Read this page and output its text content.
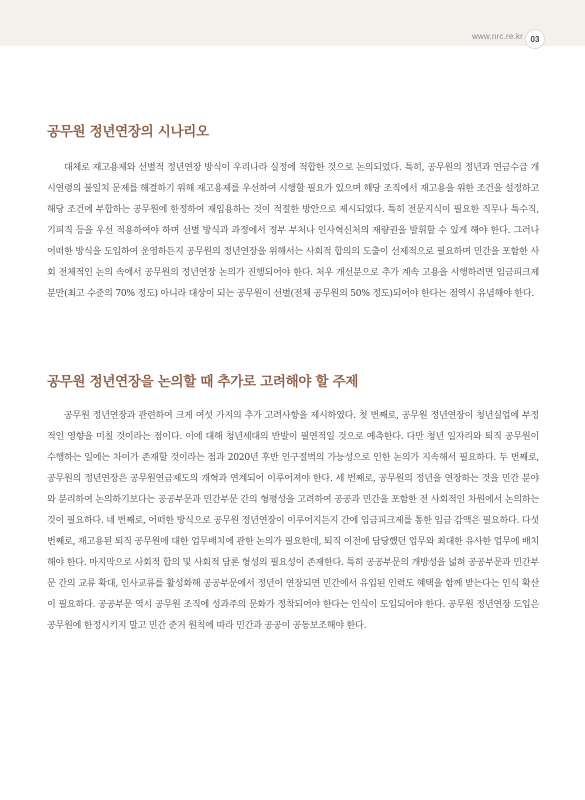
www.nrc.re.kr 03
공무원 정년연장의 시나리오

대체로 재고용제와 선별적 정년연장 방식이 우리나라 실정에 적합한 것으로 논의되었다. 특히, 공무원의 정년과 연금수급 개시연령의 불일치 문제를 해결하기 위해 재고용제를 우선하여 시행할 필요가 있으며 해당 조직에서 재고용을 위한 조건을 설정하고 해당 조건에 부합하는 공무원에 한정하여 재임용하는 것이 적절한 방안으로 제시되었다. 특히 전문지식이 필요한 직무나 특수직, 기피직 등을 우선 적용하여야 하며 선별 방식과 과정에서 정부 부처나 인사혁신처의 재량권을 발휘할 수 있게 해야 한다. 그러나 어떠한 방식을 도입하여 운영하든지 공무원의 정년연장을 위해서는 사회적 합의의 도출이 선제적으로 필요하며 민간을 포함한 사회 전체적인 논의 속에서 공무원의 정년연장 논의가 진행되어야 한다. 처우 개선분으로 추가 계속 고용을 시행하려면 임금피크제 분만(최고 수준의 70% 정도) 아니라 대상이 되는 공무원이 선별(전체 공무원의 50% 정도)되어야 한다는 점역시 유념해야 한다.

공무원 정년연장을 논의할 때 추가로 고려해야 할 주제

공무원 정년연장과 관련하여 크게 여섯 가지의 추가 고려사항을 제시하였다. 첫 번째로, 공무원 정년연장이 청년실업에 부정적인 영향을 미칠 것이라는 점이다. 이에 대해 청년세대의 반발이 필연적일 것으로 예측한다. 다만 청년 일자리와 퇴직 공무원이 수행하는 일에는 차이가 존재할 것이라는 점과 2020년 후반 인구절벽의 가능성으로 인한 논의가 지속해서 필요하다. 두 번째로, 공무원의 정년연장은 공무원연금제도의 개혁과 연계되어 이루어져야 한다. 세 번째로, 공무원의 정년을 연장하는 것을 민간 분야와 분리하여 논의하기보다는 공공부문과 민간부문 간의 형평성을 고려하여 공공과 민간을 포함한 전 사회적인 차원에서 논의하는 것이 필요하다. 네 번째로, 어떠한 방식으로 공무원 정년연장이 이루어지든지 간에 임금피크제를 통한 임금 감액은 필요하다. 다섯 번째로, 재고용된 퇴직 공무원에 대한 업무배치에 관한 논의가 필요한데, 퇴직 이전에 담당했던 업무와 최대한 유사한 업무에 배치해야 한다. 마지막으로 사회적 합의 및 사회적 담론 형성의 필요성이 존재한다. 특히 공공부문의 개방성을 넓혀 공공부문과 민간부문 간의 교류 확대, 인사교류를 활성화해 공공부문에서 정년이 연장되면 민간에서 유입된 인력도 혜택을 함께 받는다는 인식 확산이 필요하다. 공공부문 역시 공무원 조직에 성과주의 문화가 정착되어야 한다는 인식이 도입되어야 한다. 공무원 정년연장 도입은 공무원에 한정시키지 말고 민간 준거 원칙에 따라 민간과 공공이 공동보조해야 한다.
